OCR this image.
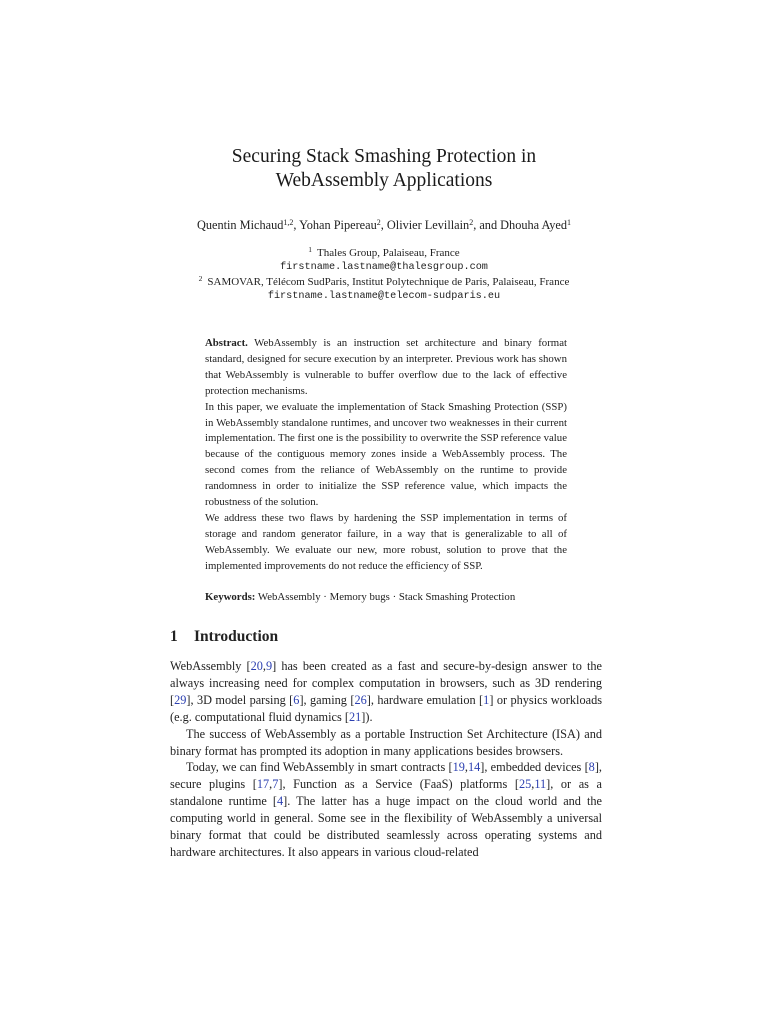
Securing Stack Smashing Protection in
WebAssembly Applications
Quentin Michaud$^{1,2}$, Yohan Pipereau$^2$, Olivier Levillain$^2$, and Dhouha Ayed$^1$
$^1$ Thales Group, Palaiseau, France
firstname.lastname@thalesgroup.com
$^2$ SAMOVAR, Télécom SudParis, Institut Polytechnique de Paris, Palaiseau, France
firstname.lastname@telecom-sudparis.eu

Abstract. WebAssembly is an instruction set architecture and binary format standard, designed for secure execution by an interpreter. Previous work has shown that WebAssembly is vulnerable to buffer overflow due to the lack of effective protection mechanisms.

In this paper, we evaluate the implementation of Stack Smashing Protection (SSP) in WebAssembly standalone runtimes, and uncover two weaknesses in their current implementation. The first one is the possibility to overwrite the SSP reference value because of the contiguous memory zones inside a WebAssembly process. The second comes from the reliance of WebAssembly on the runtime to provide randomness in order to initialize the SSP reference value, which impacts the robustness of the solution.

We address these two flaws by hardening the SSP implementation in terms of storage and random generator failure, in a way that is generalizable to all of WebAssembly. We evaluate our new, more robust, solution to prove that the implemented improvements do not reduce the efficiency of SSP.

Keywords: WebAssembly · Memory bugs · Stack Smashing Protection
1 Introduction

WebAssembly [20,9] has been created as a fast and secure-by-design answer to the always increasing need for complex computation in browsers, such as 3D rendering [29], 3D model parsing [6], gaming [26], hardware emulation [1] or physics workloads (e.g. computational fluid dynamics [21]).

The success of WebAssembly as a portable Instruction Set Architecture (ISA) and binary format has prompted its adoption in many applications besides browsers.

Today, we can find WebAssembly in smart contracts [19,14], embedded devices [8], secure plugins [17,7], Function as a Service (FaaS) platforms [25,11], or as a standalone runtime [4]. The latter has a huge impact on the cloud world and the computing world in general. Some see in the flexibility of WebAssembly a universal binary format that could be distributed seamlessly across operating systems and hardware architectures. It also appears in various cloud-related
